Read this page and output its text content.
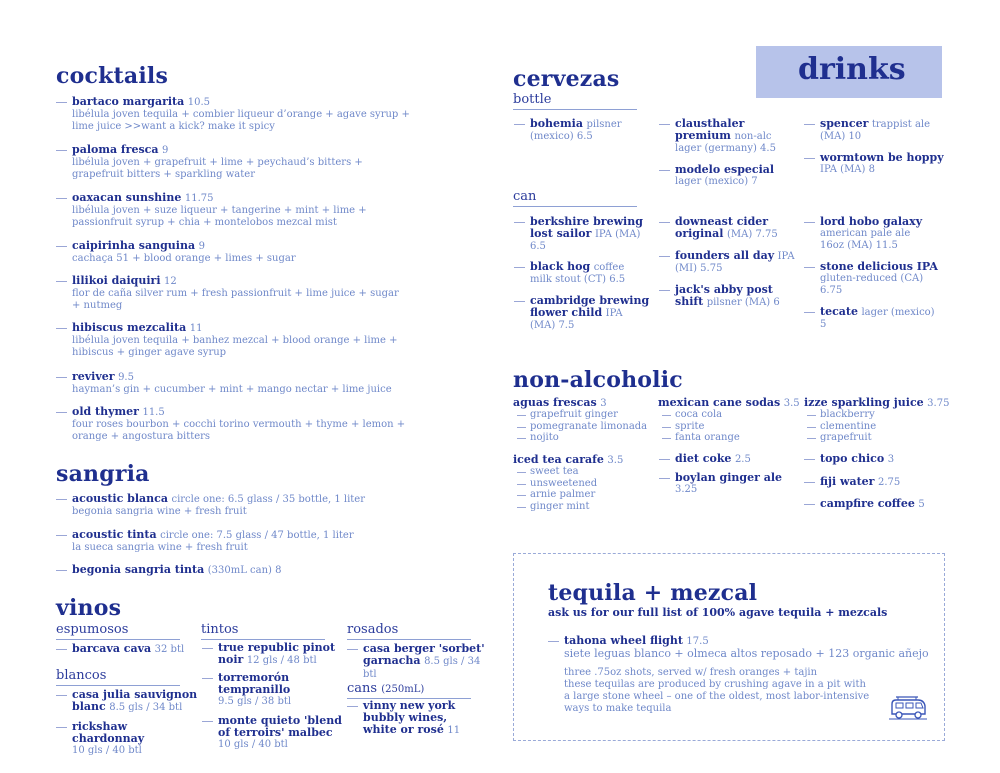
cocktails
bartaco margarita 10.5
libélula joven tequila + combier liqueur d’orange + agave syrup +
lime juice >>want a kick? make it spicy
paloma fresca 9
libélula joven + grapefruit + lime + peychaud’s bitters +
grapefruit bitters + sparkling water
oaxacan sunshine 11.75
libélula joven + suze liqueur + tangerine + mint + lime +
passionfruit syrup + chia + montelobos mezcal mist
caipirinha sanguina 9
cachaça 51 + blood orange + limes + sugar
lilikoi daiquiri 12
flor de caña silver rum + fresh passionfruit + lime juice + sugar
+ nutmeg
hibiscus mezcalita 11
libélula joven tequila + banhez mezcal + blood orange + lime +
hibiscus + ginger agave syrup
reviver 9.5
hayman’s gin + cucumber + mint + mango nectar + lime juice
old thymer 11.5
four roses bourbon + cocchi torino vermouth + thyme + lemon +
orange + angostura bitters
sangria
acoustic blanca circle one: 6.5 glass / 35 bottle, 1 liter
begonia sangria wine + fresh fruit
acoustic tinta circle one: 7.5 glass / 47 bottle, 1 liter
la sueca sangria wine + fresh fruit
begonia sangria tinta (330mL can) 8
vinos
espumosos
barcava cava 32 btl
blancos
casa julia sauvignon
blanc 8.5 gls / 34 btl
rickshaw chardonnay
10 gls / 40 btl
tintos
true republic pinot
noir 12 gls / 48 btl
torremorón
tempranillo
9.5 gls / 38 btl
monte quieto 'blend
of terroirs' malbec
10 gls / 40 btl
rosados
casa berger 'sorbet'
garnacha 8.5 gls / 34 btl
cans (250mL)
vinny new york
bubbly wines,
white or rosé 11
drinks
cervezas
bottle
bohemia pilsner
(mexico) 6.5
clausthaler
premium non-alc
lager (germany) 4.5
spencer trappist ale
(MA) 10
modelo especial
lager (mexico) 7
wormtown be hoppy
IPA (MA) 8
can
berkshire brewing
lost sailor IPA (MA)
6.5
black hog coffee
milk stout (CT) 6.5
cambridge brewing
flower child IPA
(MA) 7.5
downeast cider
original (MA) 7.75
founders all day IPA
(MI) 5.75
jack's abby post
shift pilsner (MA) 6
lord hobo galaxy
american pale ale
16oz (MA) 11.5
stone delicious IPA
gluten-reduced (CA)
6.75
tecate lager (mexico)
5
non-alcoholic
aguas frescas 3
grapefruit ginger
pomegranate limonada
nojito
iced tea carafe 3.5
sweet tea
unsweetened
arnie palmer
ginger mint
mexican cane sodas 3.5
coca cola
sprite
fanta orange
diet coke 2.5
boylan ginger ale
3.25
izze sparkling juice 3.75
blackberry
clementine
grapefruit
topo chico 3
fiji water 2.75
campfire coffee 5
tequila + mezcal
ask us for our full list of 100% agave tequila + mezcals
tahona wheel flight 17.5
siete leguas blanco + olmeca altos reposado + 123 organic añejo
three .75oz shots, served w/ fresh oranges + tajin
these tequilas are produced by crushing agave in a pit with
a large stone wheel – one of the oldest, most labor-intensive
ways to make tequila
